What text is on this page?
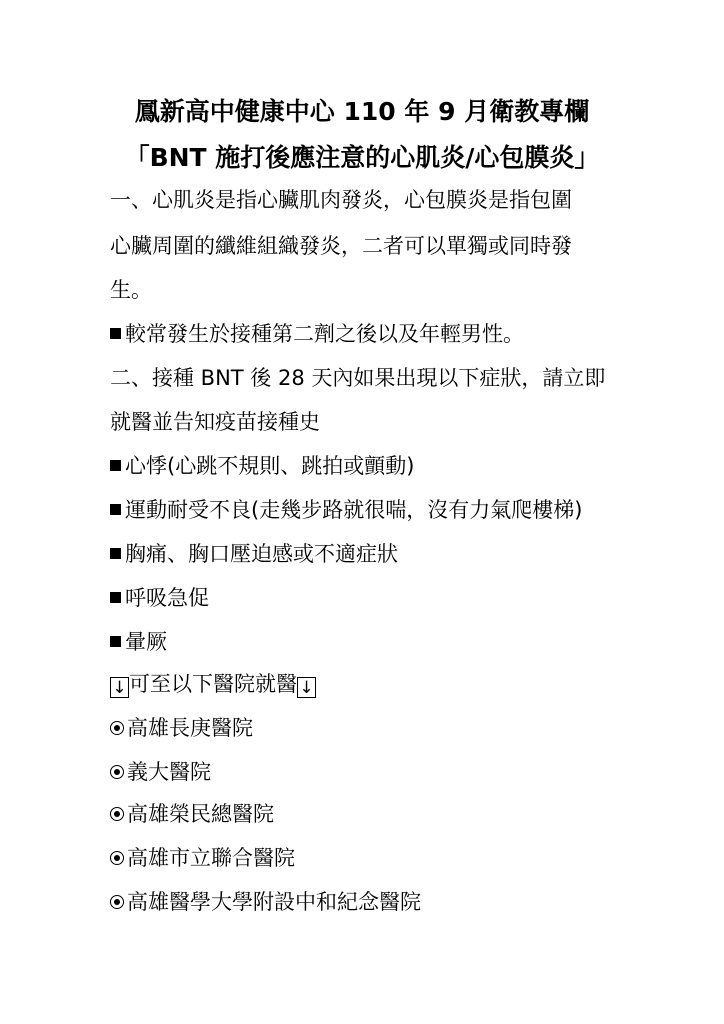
鳳新高中健康中心 110 年 9 月衛教專欄
「BNT 施打後應注意的心肌炎/心包膜炎」
一、心肌炎是指心臟肌肉發炎，心包膜炎是指包圍
心臟周圍的纖維組織發炎，二者可以單獨或同時發
生。
較常發生於接種第二劑之後以及年輕男性。
二、接種 BNT 後 28 天內如果出現以下症狀，請立即
就醫並告知疫苗接種史
心悸(心跳不規則、跳拍或顫動)
運動耐受不良(走幾步路就很喘，沒有力氣爬樓梯)
胸痛、胸口壓迫感或不適症狀
呼吸急促
暈厥
↓ 可至以下醫院就醫 ↓
高雄長庚醫院
義大醫院
高雄榮民總醫院
高雄市立聯合醫院
高雄醫學大學附設中和紀念醫院
